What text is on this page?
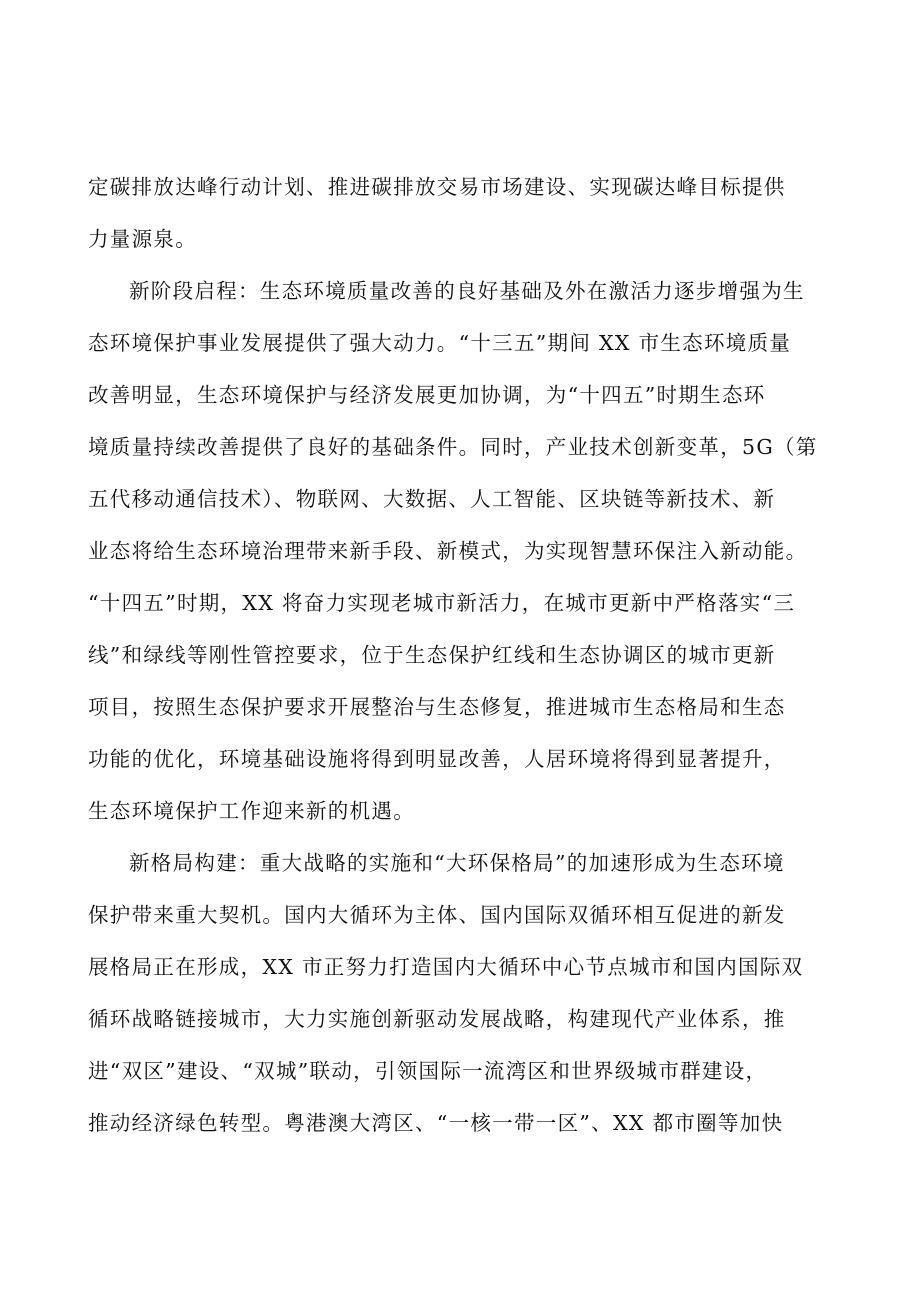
定碳排放达峰行动计划、推进碳排放交易市场建设、实现碳达峰目标提供

力量源泉。

新阶段启程：生态环境质量改善的良好基础及外在激活力逐步增强为生

态环境保护事业发展提供了强大动力。“十三五”期间 XX 市生态环境质量

改善明显，生态环境保护与经济发展更加协调，为“十四五”时期生态环

境质量持续改善提供了良好的基础条件。同时，产业技术创新变革，5G（第

五代移动通信技术）、物联网、大数据、人工智能、区块链等新技术、新

业态将给生态环境治理带来新手段、新模式，为实现智慧环保注入新动能。

“十四五”时期，XX 将奋力实现老城市新活力，在城市更新中严格落实“三

线”和绿线等刚性管控要求，位于生态保护红线和生态协调区的城市更新

项目，按照生态保护要求开展整治与生态修复，推进城市生态格局和生态

功能的优化，环境基础设施将得到明显改善，人居环境将得到显著提升，

生态环境保护工作迎来新的机遇。

新格局构建：重大战略的实施和“大环保格局”的加速形成为生态环境

保护带来重大契机。国内大循环为主体、国内国际双循环相互促进的新发

展格局正在形成，XX 市正努力打造国内大循环中心节点城市和国内国际双

循环战略链接城市，大力实施创新驱动发展战略，构建现代产业体系，推

进“双区”建设、“双城”联动，引领国际一流湾区和世界级城市群建设，

推动经济绿色转型。粤港澳大湾区、“一核一带一区”、XX 都市圈等加快
